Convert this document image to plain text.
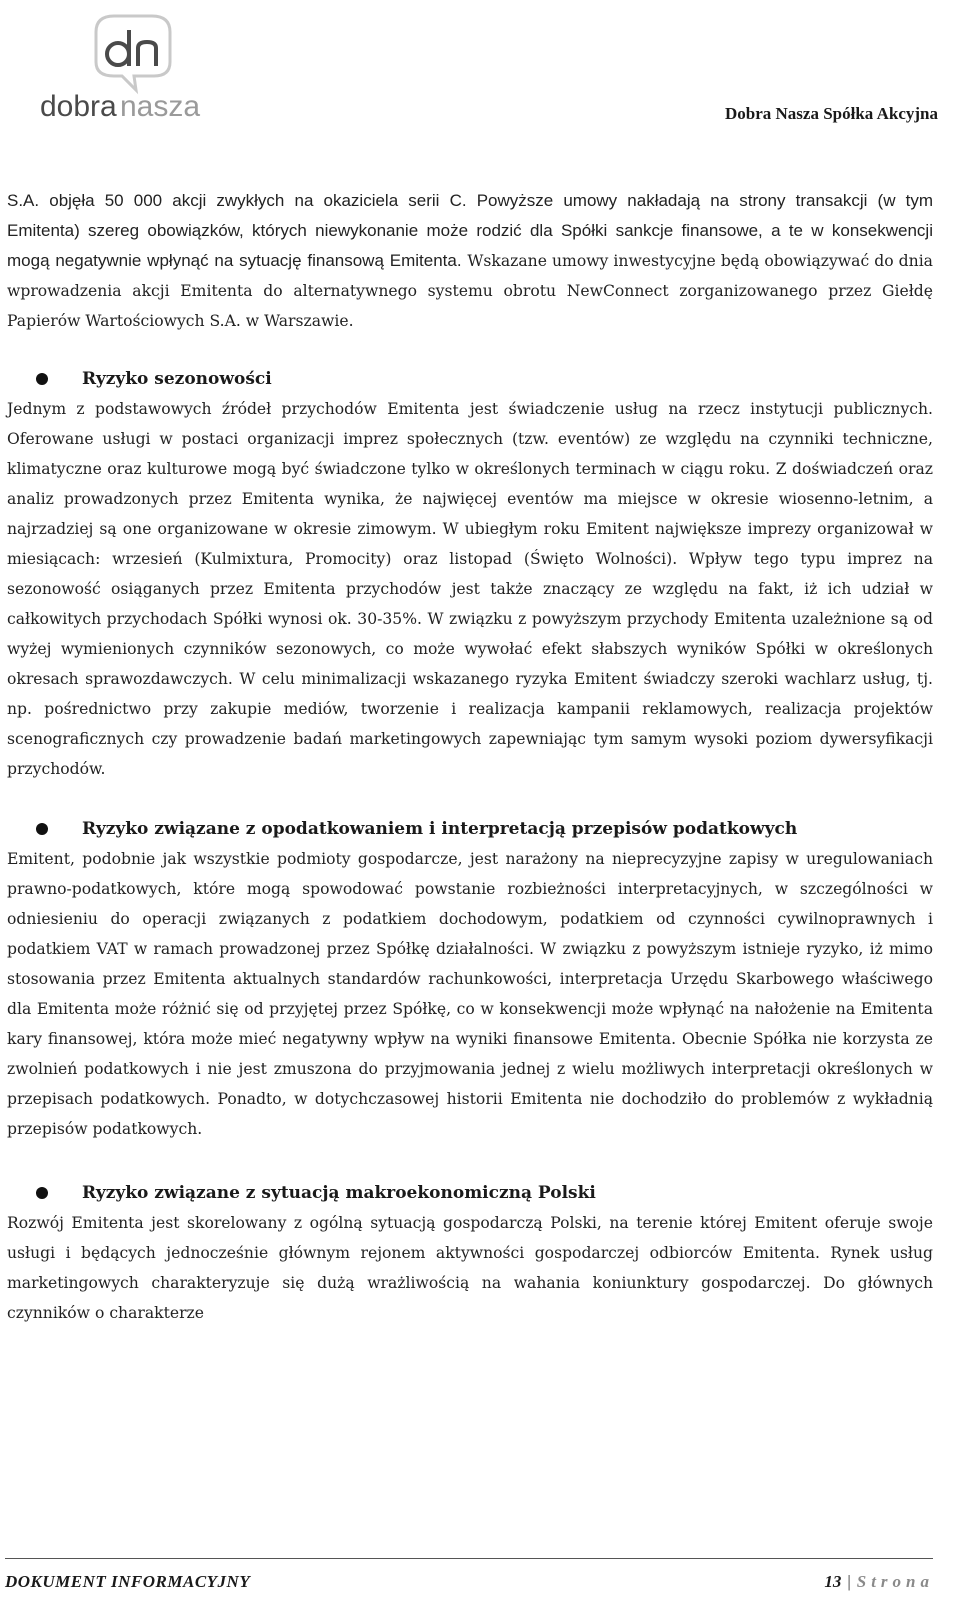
dobra nasza	Dobra Nasza Spółka Akcyjna

S.A. objęła 50 000 akcji zwykłych na okaziciela serii C. Powyższe umowy nakładają na strony transakcji (w tym Emitenta) szereg obowiązków, których niewykonanie może rodzić dla Spółki sankcje finansowe, a te w konsekwencji mogą negatywnie wpłynąć na sytuację finansową Emitenta. Wskazane umowy inwestycyjne będą obowiązywać do dnia wprowadzenia akcji Emitenta do alternatywnego systemu obrotu NewConnect zorganizowanego przez Giełdę Papierów Wartościowych S.A. w Warszawie.

Ryzyko sezonowości

Jednym z podstawowych źródeł przychodów Emitenta jest świadczenie usług na rzecz instytucji publicznych. Oferowane usługi w postaci organizacji imprez społecznych (tzw. eventów) ze względu na czynniki techniczne, klimatyczne oraz kulturowe mogą być świadczone tylko w określonych terminach w ciągu roku. Z doświadczeń oraz analiz prowadzonych przez Emitenta wynika, że najwięcej eventów ma miejsce w okresie wiosenno-letnim, a najrzadziej są one organizowane w okresie zimowym. W ubiegłym roku Emitent największe imprezy organizował w miesiącach: wrzesień (Kulmixtura, Promocity) oraz listopad (Święto Wolności). Wpływ tego typu imprez na sezonowość osiąganych przez Emitenta przychodów jest także znaczący ze względu na fakt, iż ich udział w całkowitych przychodach Spółki wynosi ok. 30-35%. W związku z powyższym przychody Emitenta uzależnione są od wyżej wymienionych czynników sezonowych, co może wywołać efekt słabszych wyników Spółki w określonych okresach sprawozdawczych. W celu minimalizacji wskazanego ryzyka Emitent świadczy szeroki wachlarz usług, tj. np. pośrednictwo przy zakupie mediów, tworzenie i realizacja kampanii reklamowych, realizacja projektów scenograficznych czy prowadzenie badań marketingowych zapewniając tym samym wysoki poziom dywersyfikacji przychodów.

Ryzyko związane z opodatkowaniem i interpretacją przepisów podatkowych

Emitent, podobnie jak wszystkie podmioty gospodarcze, jest narażony na nieprecyzyjne zapisy w uregulowaniach prawno-podatkowych, które mogą spowodować powstanie rozbieżności interpretacyjnych, w szczególności w odniesieniu do operacji związanych z podatkiem dochodowym, podatkiem od czynności cywilnoprawnych i podatkiem VAT w ramach prowadzonej przez Spółkę działalności. W związku z powyższym istnieje ryzyko, iż mimo stosowania przez Emitenta aktualnych standardów rachunkowości, interpretacja Urzędu Skarbowego właściwego dla Emitenta może różnić się od przyjętej przez Spółkę, co w konsekwencji może wpłynąć na nałożenie na Emitenta kary finansowej, która może mieć negatywny wpływ na wyniki finansowe Emitenta. Obecnie Spółka nie korzysta ze zwolnień podatkowych i nie jest zmuszona do przyjmowania jednej z wielu możliwych interpretacji określonych w przepisach podatkowych. Ponadto, w dotychczasowej historii Emitenta nie dochodziło do problemów z wykładnią przepisów podatkowych.

Ryzyko związane z sytuacją makroekonomiczną Polski

Rozwój Emitenta jest skorelowany z ogólną sytuacją gospodarczą Polski, na terenie której Emitent oferuje swoje usługi i będących jednocześnie głównym rejonem aktywności gospodarczej odbiorców Emitenta. Rynek usług marketingowych charakteryzuje się dużą wrażliwością na wahania koniunktury gospodarczej. Do głównych czynników o charakterze

DOKUMENT INFORMACYJNY	13 | Strona
